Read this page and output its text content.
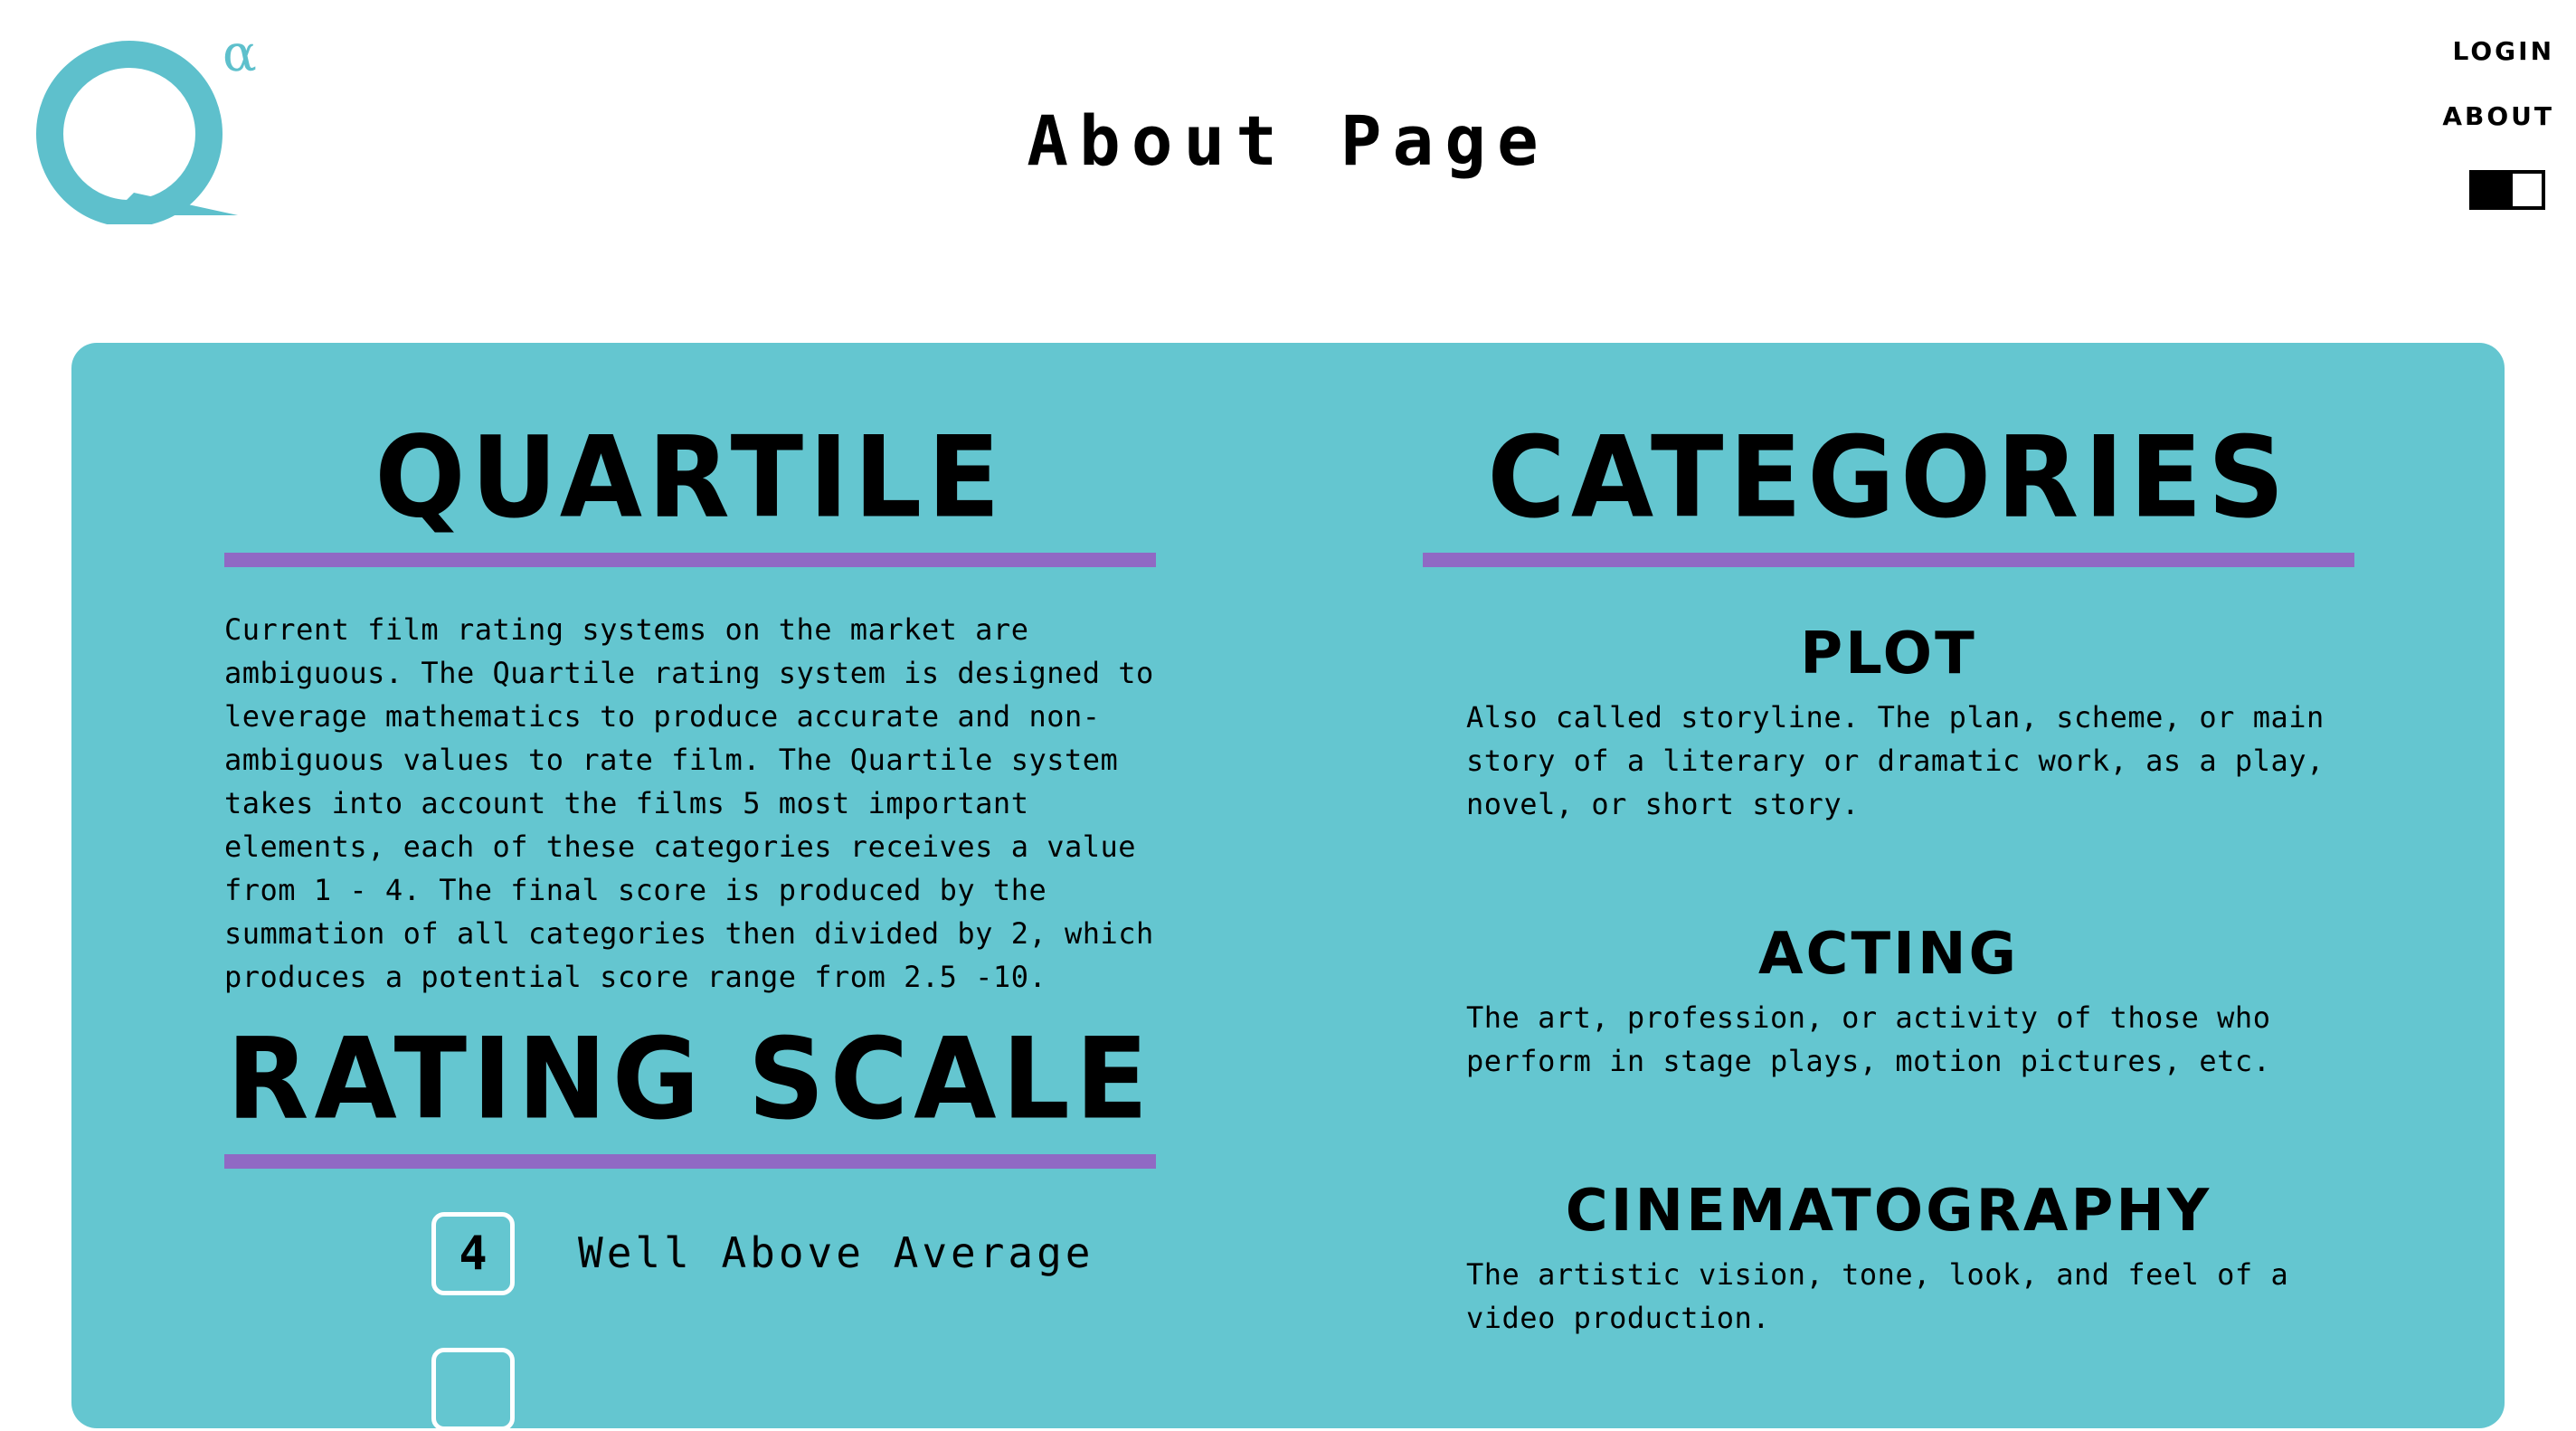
α
About Page
LOGIN
ABOUT
QUARTILE

Current film rating systems on the market are ambiguous. The Quartile rating system is designed to leverage mathematics to produce accurate and non-ambiguous values to rate film. The Quartile system takes into account the films 5 most important elements, each of these categories receives a value from 1 - 4. The final score is produced by the summation of all categories then divided by 2, which produces a potential score range from 2.5 -10.

RATING SCALE
4	Well Above Average
CATEGORIES
PLOT

Also called storyline. The plan, scheme, or main story of a literary or dramatic work, as a play, novel, or short story.

ACTING

The art, profession, or activity of those who perform in stage plays, motion pictures, etc.

CINEMATOGRAPHY

The artistic vision, tone, look, and feel of a video production.
